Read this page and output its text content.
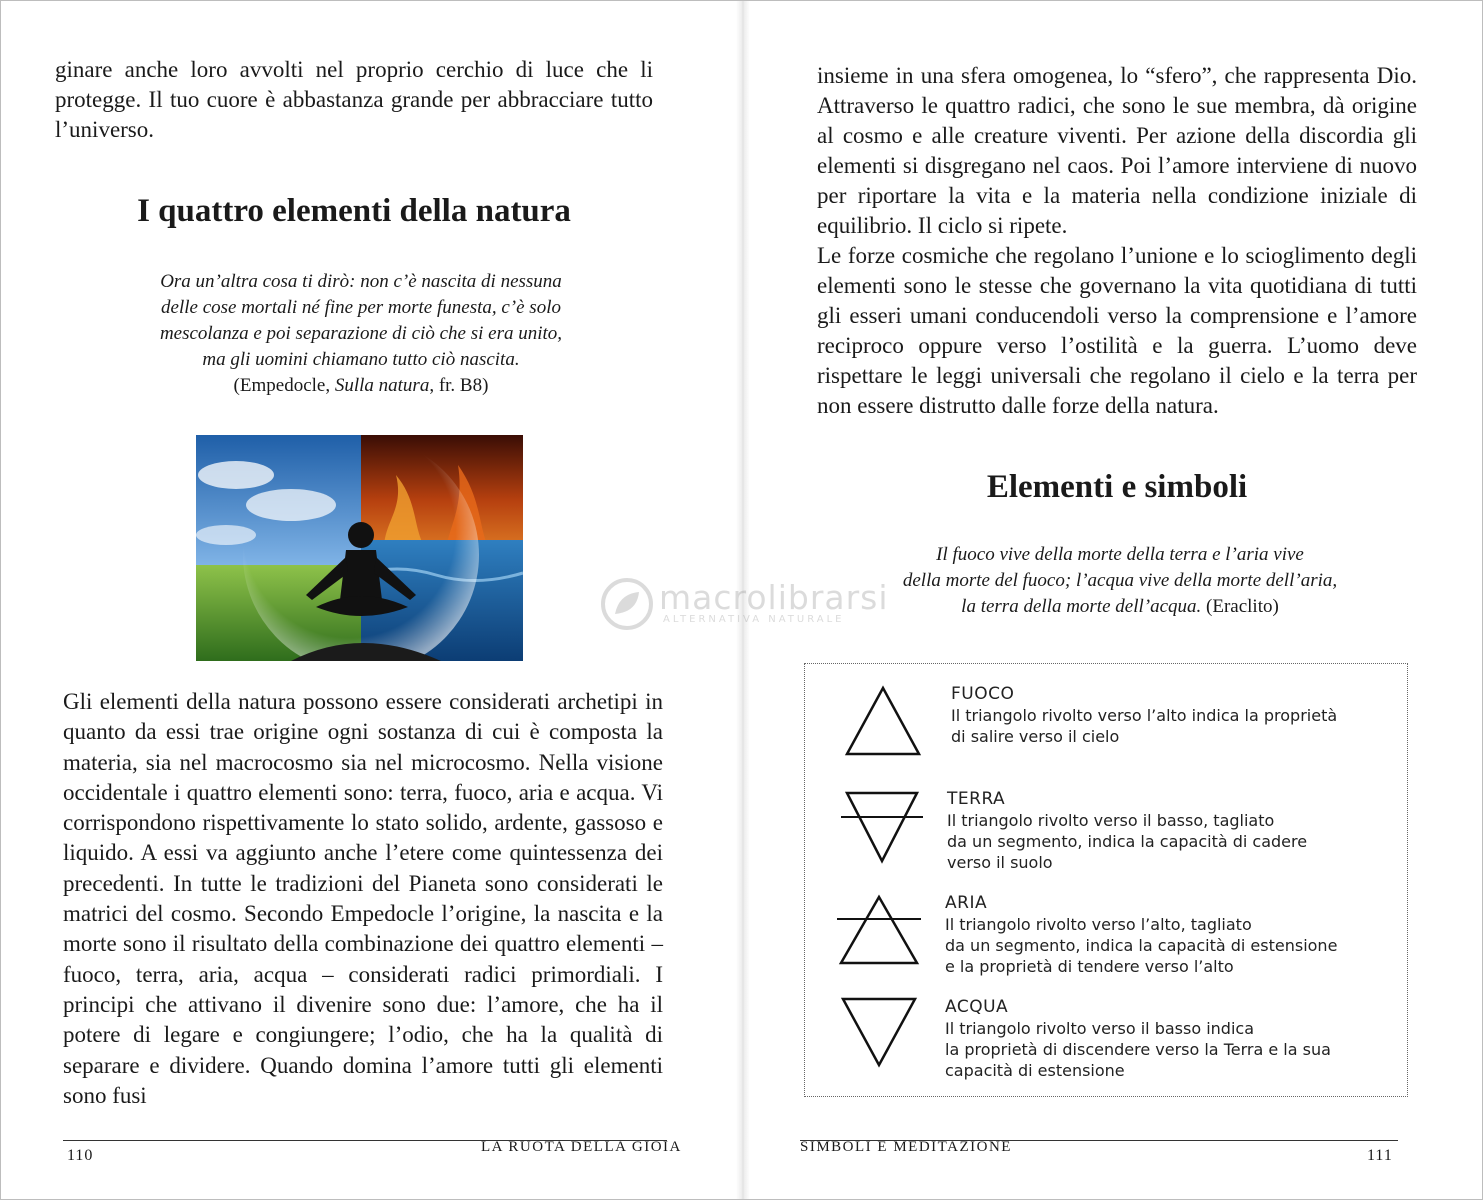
ginare anche loro avvolti nel proprio cerchio di luce che li protegge. Il tuo cuore è abbastanza grande per abbracciare tutto l’universo.

I quattro elementi della natura
Ora un’altra cosa ti dirò: non c’è nascita di nessuna
delle cose mortali né fine per morte funesta, c’è solo
mescolanza e poi separazione di ciò che si era unito,
ma gli uomini chiamano tutto ciò nascita.
(Empedocle, Sulla natura, fr. B8)

Gli elementi della natura possono essere considerati archetipi in quanto da essi trae origine ogni sostanza di cui è composta la materia, sia nel macrocosmo sia nel microcosmo. Nella visione occidentale i quattro elementi sono: terra, fuoco, aria e acqua. Vi corrispondono rispettivamente lo stato solido, ardente, gassoso e liquido. A essi va aggiunto anche l’etere come quintessenza dei precedenti. In tutte le tradizioni del Pianeta sono considerati le matrici del cosmo. Secondo Empedocle l’origine, la nascita e la morte sono il risultato della combinazione dei quattro elementi – fuoco, terra, aria, acqua – considerati radici primordiali. I principi che attivano il divenire sono due: l’amore, che ha il potere di legare e congiungere; l’odio, che ha la qualità di separare e dividere. Quando domina l’amore tutti gli elementi sono fusi

110	LA RUOTA DELLA GIOIA

insieme in una sfera omogenea, lo “sfero”, che rappresenta Dio. Attraverso le quattro radici, che sono le sue membra, dà origine al cosmo e alle creature viventi. Per azione della discordia gli elementi si disgregano nel caos. Poi l’amore interviene di nuovo per riportare la vita e la materia nella condizione iniziale di equilibrio. Il ciclo si ripete.

Le forze cosmiche che regolano l’unione e lo scioglimento degli elementi sono le stesse che governano la vita quotidiana di tutti gli esseri umani conducendoli verso la comprensione e l’amore reciproco oppure verso l’ostilità e la guerra. L’uomo deve rispettare le leggi universali che regolano il cielo e la terra per non essere distrutto dalle forze della natura.

Elementi e simboli
Il fuoco vive della morte della terra e l’aria vive
della morte del fuoco; l’acqua vive della morte dell’aria,
la terra della morte dell’acqua. (Eraclito)
FUOCO
Il triangolo rivolto verso l’alto indica la proprietà
di salire verso il cielo
TERRA
Il triangolo rivolto verso il basso, tagliato
da un segmento, indica la capacità di cadere
verso il suolo
ARIA
Il triangolo rivolto verso l’alto, tagliato
da un segmento, indica la capacità di estensione
e la proprietà di tendere verso l’alto
ACQUA
Il triangolo rivolto verso il basso indica
la proprietà di discendere verso la Terra e la sua
capacità di estensione
SIMBOLI E MEDITAZIONE	111
macrolibrarsi
ALTERNATIVA NATURALE
